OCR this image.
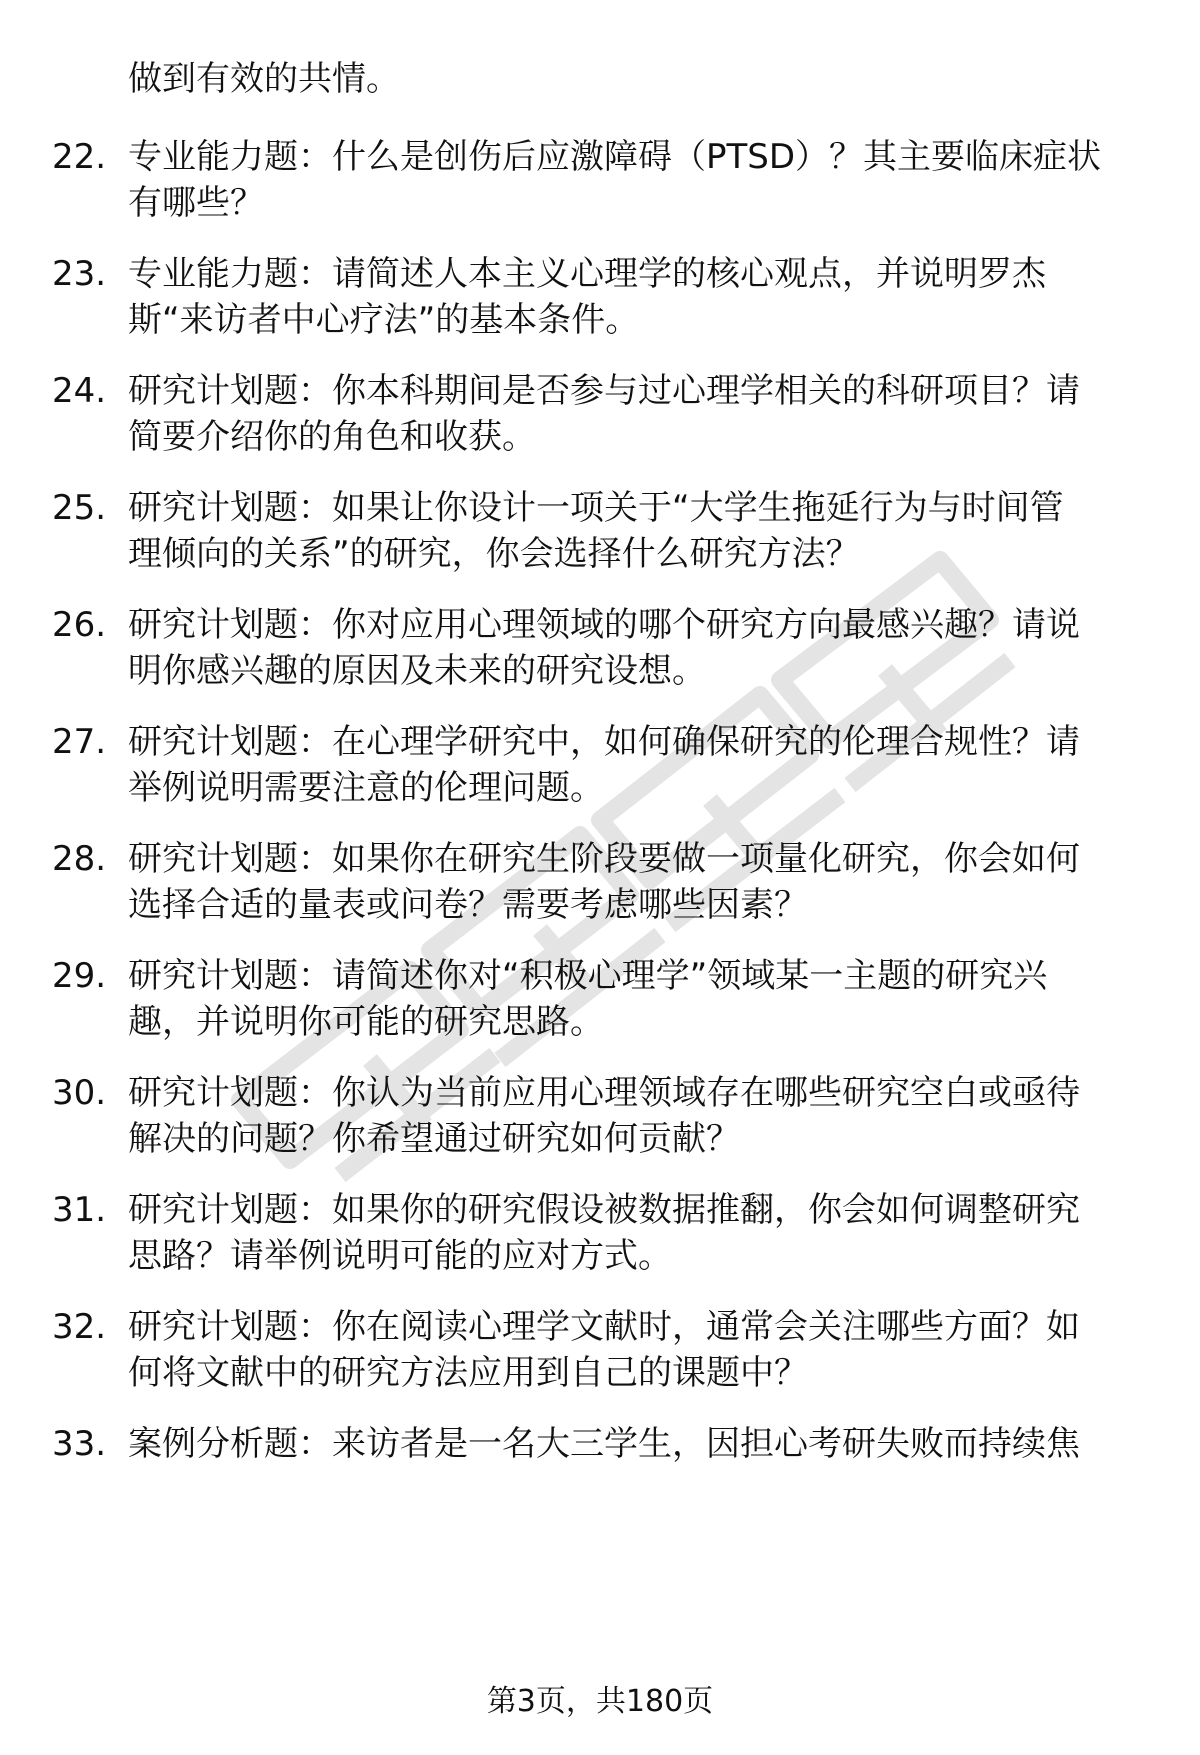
做到有效的共情。
22. 专业能力题：什么是创伤后应激障碍（PTSD）？其主要临床症状
有哪些？
23. 专业能力题：请简述人本主义心理学的核心观点，并说明罗杰
斯“来访者中心疗法”的基本条件。
24. 研究计划题：你本科期间是否参与过心理学相关的科研项目？请
简要介绍你的角色和收获。
25. 研究计划题：如果让你设计一项关于“大学生拖延行为与时间管
理倾向的关系”的研究，你会选择什么研究方法？
26. 研究计划题：你对应用心理领域的哪个研究方向最感兴趣？请说
明你感兴趣的原因及未来的研究设想。
27. 研究计划题：在心理学研究中，如何确保研究的伦理合规性？请
举例说明需要注意的伦理问题。
28. 研究计划题：如果你在研究生阶段要做一项量化研究，你会如何
选择合适的量表或问卷？需要考虑哪些因素？
29. 研究计划题：请简述你对“积极心理学”领域某一主题的研究兴
趣，并说明你可能的研究思路。
30. 研究计划题：你认为当前应用心理领域存在哪些研究空白或亟待
解决的问题？你希望通过研究如何贡献？
31. 研究计划题：如果你的研究假设被数据推翻，你会如何调整研究
思路？请举例说明可能的应对方式。
32. 研究计划题：你在阅读心理学文献时，通常会关注哪些方面？如
何将文献中的研究方法应用到自己的课题中？
33. 案例分析题：来访者是一名大三学生，因担心考研失败而持续焦
第3页，共180页
